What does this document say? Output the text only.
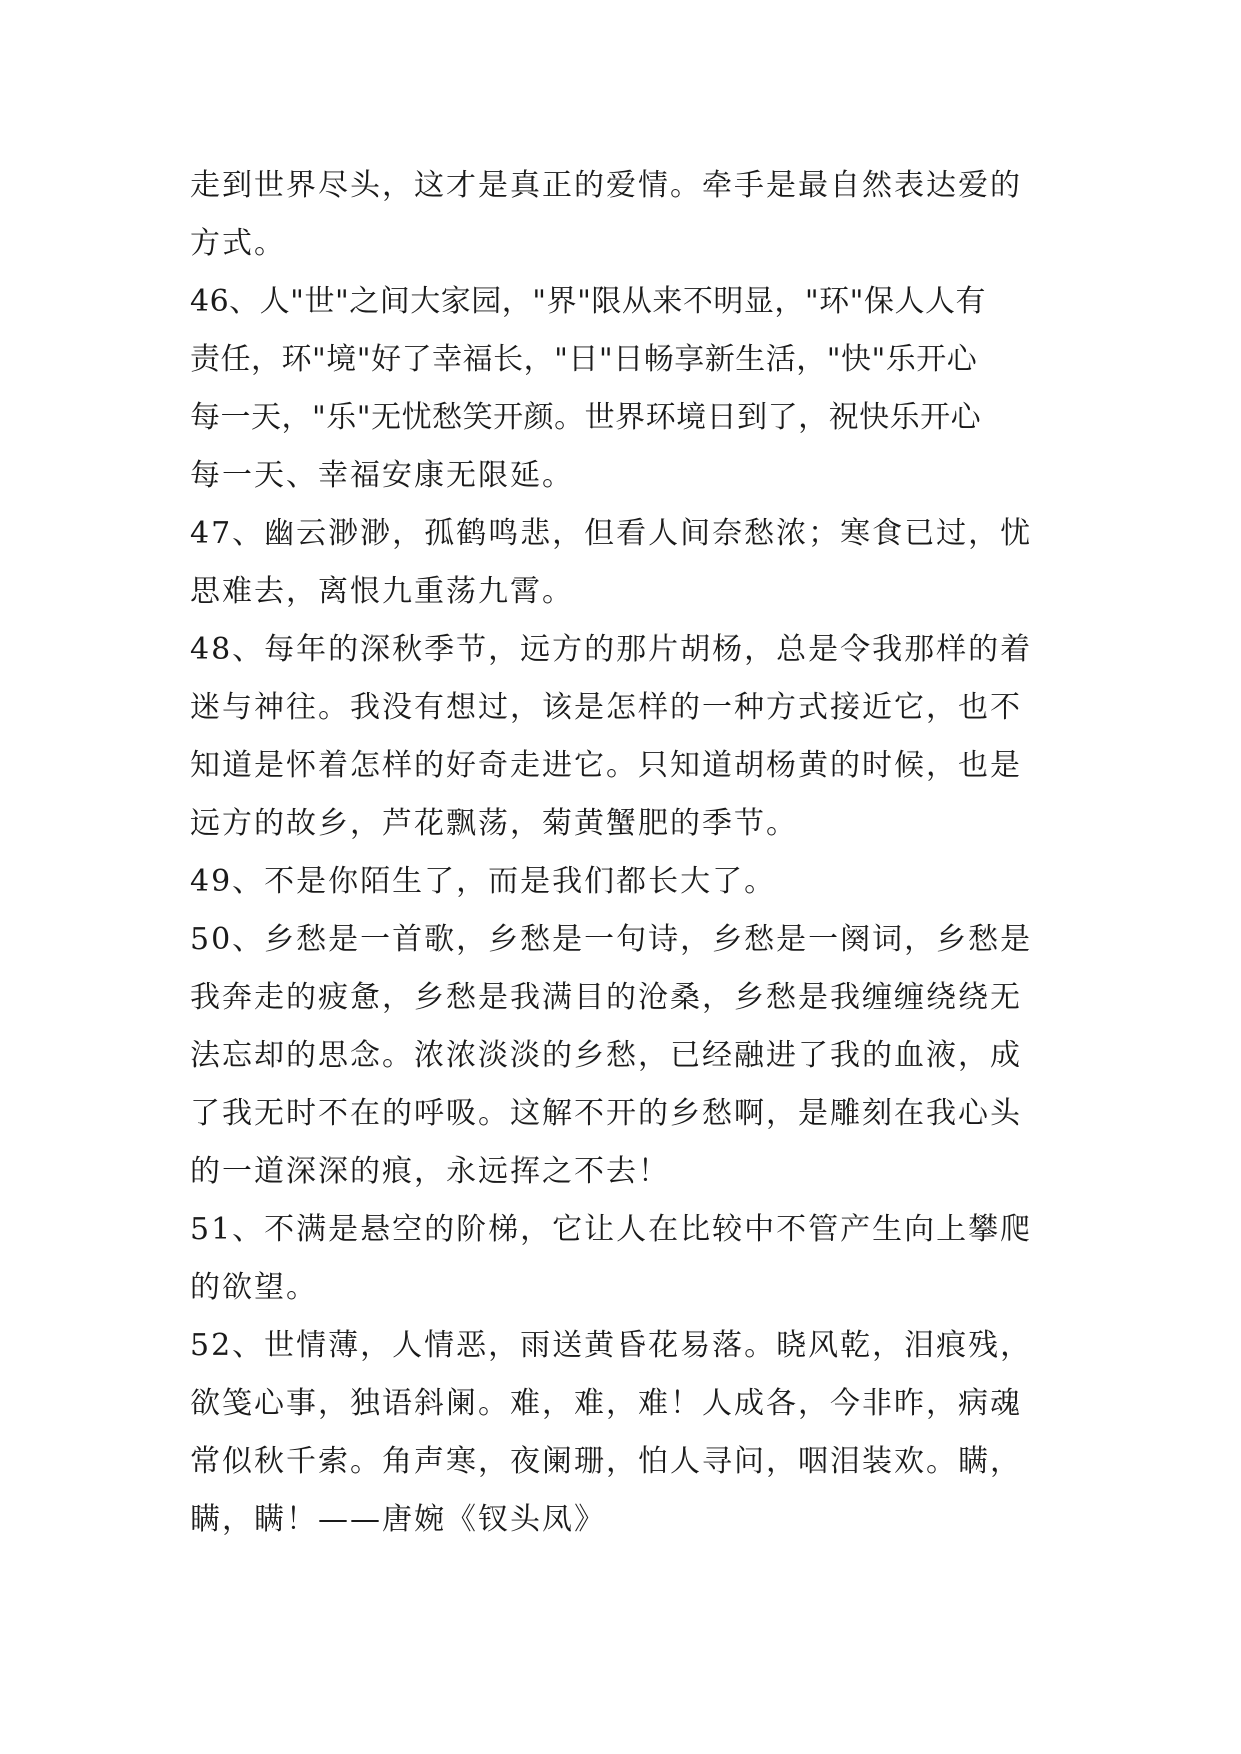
走到世界尽头，这才是真正的爱情。牵手是最自然表达爱的
方式。
46、人"世"之间大家园，"界"限从来不明显，"环"保人人有
责任，环"境"好了幸福长，"日"日畅享新生活，"快"乐开心
每一天，"乐"无忧愁笑开颜。世界环境日到了，祝快乐开心
每一天、幸福安康无限延。
47、幽云渺渺，孤鹤鸣悲，但看人间奈愁浓；寒食已过，忧
思难去，离恨九重荡九霄。
48、每年的深秋季节，远方的那片胡杨，总是令我那样的着
迷与神往。我没有想过，该是怎样的一种方式接近它，也不
知道是怀着怎样的好奇走进它。只知道胡杨黄的时候，也是
远方的故乡，芦花飘荡，菊黄蟹肥的季节。
49、不是你陌生了，而是我们都长大了。
50、乡愁是一首歌，乡愁是一句诗，乡愁是一阕词，乡愁是
我奔走的疲惫，乡愁是我满目的沧桑，乡愁是我缠缠绕绕无
法忘却的思念。浓浓淡淡的乡愁，已经融进了我的血液，成
了我无时不在的呼吸。这解不开的乡愁啊，是雕刻在我心头
的一道深深的痕，永远挥之不去！
51、不满是悬空的阶梯，它让人在比较中不管产生向上攀爬
的欲望。
52、世情薄，人情恶，雨送黄昏花易落。晓风乾，泪痕残，
欲笺心事，独语斜阑。难，难，难！人成各，今非昨，病魂
常似秋千索。角声寒，夜阑珊，怕人寻问，咽泪装欢。瞒，
瞒，瞒！——唐婉《钗头凤》
